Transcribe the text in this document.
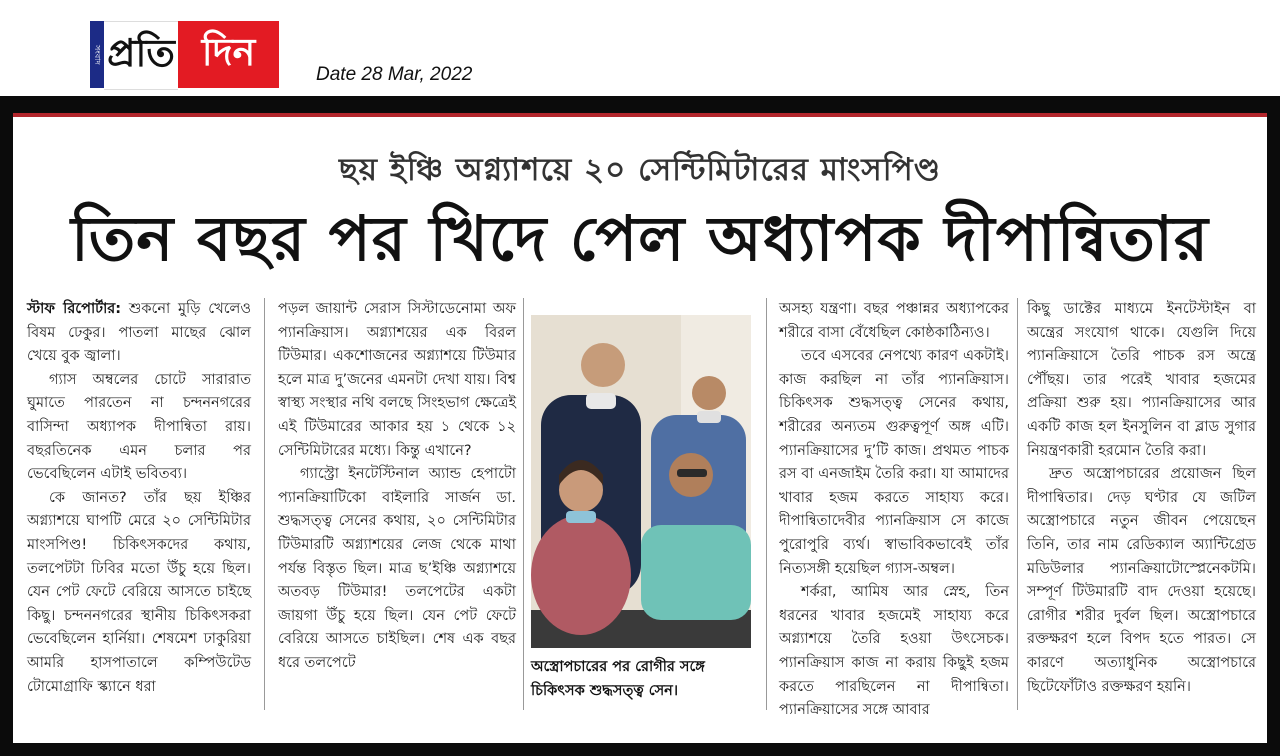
সংবাদ প্রতি দিন
Date 28 Mar, 2022
ছয় ইঞ্চি অগ্ন্যাশয়ে ২০ সেন্টিমিটারের মাংসপিণ্ড
তিন বছর পর খিদে পেল অধ্যাপক দীপান্বিতার

স্টাফ রিপোর্টার: শুকনো মুড়ি খেলেও বিষম ঢেকুর। পাতলা মাছের ঝোল খেয়ে বুক জ্বালা।

গ্যাস অম্বলের চোটে সারারাত ঘুমাতে পারতেন না চন্দননগরের বাসিন্দা অধ্যাপক দীপান্বিতা রায়। বছরতিনেক এমন চলার পর ভেবেছিলেন এটাই ভবিতব্য।

কে জানত? তাঁর ছয় ইঞ্চির অগ্ন্যাশয়ে ঘাপটি মেরে ২০ সেন্টিমিটার মাংসপিণ্ড! চিকিৎসকদের কথায়, তলপেটটা ঢিবির মতো উঁচু হয়ে ছিল। যেন পেট ফেটে বেরিয়ে আসতে চাইছে কিছু। চন্দননগরের স্থানীয় চিকিৎসকরা ভেবেছিলেন হার্নিয়া। শেষমেশ ঢাকুরিয়া আমরি হাসপাতালে কম্পিউটেড টোমোগ্রাফি স্ক্যানে ধরা

পড়ল জায়ান্ট সেরাস সিস্টাডেনোমা অফ প্যানক্রিয়াস। অগ্ন্যাশয়ের এক বিরল টিউমার। একশোজনের অগ্ন্যাশয়ে টিউমার হলে মাত্র দু’জনের এমনটা দেখা যায়। বিশ্ব স্বাস্থ্য সংস্থার নথি বলছে সিংহভাগ ক্ষেত্রেই এই টিউমারের আকার হয় ১ থেকে ১২ সেন্টিমিটারের মধ্যে। কিন্তু এখানে?

গ্যাস্ট্রো ইনটেস্টিনাল অ্যান্ড হেপাটো প্যানক্রিয়াটিকো বাইলারি সার্জন ডা. শুদ্ধসত্ত্ব সেনের কথায়, ২০ সেন্টিমিটার টিউমারটি অগ্ন্যাশয়ের লেজ থেকে মাথা পর্যন্ত বিস্তৃত ছিল। মাত্র ছ’ইঞ্চি অগ্ন্যাশয়ে অতবড় টিউমার! তলপেটের একটা জায়গা উঁচু হয়ে ছিল। যেন পেট ফেটে বেরিয়ে আসতে চাইছিল। শেষ এক বছর ধরে তলপেটে	অস্ত্রোপচারের পর রোগীর সঙ্গে চিকিৎসক শুদ্ধসত্ত্ব সেন।

অসহ্য যন্ত্রণা। বছর পঞ্চান্নর অধ্যাপকের শরীরে বাসা বেঁধেছিল কোষ্ঠকাঠিন্যও।

তবে এসবের নেপথ্যে কারণ একটাই। কাজ করছিল না তাঁর প্যানক্রিয়াস। চিকিৎসক শুদ্ধসত্ত্ব সেনের কথায়, শরীরের অন্যতম গুরুত্বপূর্ণ অঙ্গ এটি। প্যানক্রিয়াসের দু’টি কাজ। প্রথমত পাচক রস বা এনজাইম তৈরি করা। যা আমাদের খাবার হজম করতে সাহায্য করে। দীপান্বিতাদেবীর প্যানক্রিয়াস সে কাজে পুরোপুরি ব্যর্থ। স্বাভাবিকভাবেই তাঁর নিত্যসঙ্গী হয়েছিল গ্যাস-অম্বল।

শর্করা, আমিষ আর স্নেহ, তিন ধরনের খাবার হজমেই সাহায্য করে অগ্ন্যাশয়ে তৈরি হওয়া উৎসেচক। প্যানক্রিয়াস কাজ না করায় কিছুই হজম করতে পারছিলেন না দীপান্বিতা। প্যানক্রিয়াসের সঙ্গে আবার

কিছু ডাক্টের মাধ্যমে ইনটেস্টাইন বা অন্ত্রের সংযোগ থাকে। যেগুলি দিয়ে প্যানক্রিয়াসে তৈরি পাচক রস অন্ত্রে পৌঁছয়। তার পরেই খাবার হজমের প্রক্রিয়া শুরু হয়। প্যানক্রিয়াসের আর একটি কাজ হল ইনসুলিন বা ব্লাড সুগার নিয়ন্ত্রণকারী হরমোন তৈরি করা।

দ্রুত অস্ত্রোপচারের প্রয়োজন ছিল দীপান্বিতার। দেড় ঘণ্টার যে জটিল অস্ত্রোপচারে নতুন জীবন পেয়েছেন তিনি, তার নাম রেডিক্যাল অ্যান্টিগ্রেড মডিউলার প্যানক্রিয়াটোস্প্লেনেকটমি। সম্পূর্ণ টিউমারটি বাদ দেওয়া হয়েছে। রোগীর শরীর দুর্বল ছিল। অস্ত্রোপচারে রক্তক্ষরণ হলে বিপদ হতে পারত। সে কারণে অত্যাধুনিক অস্ত্রোপচারে ছিটেফোঁটাও রক্তক্ষরণ হয়নি।
